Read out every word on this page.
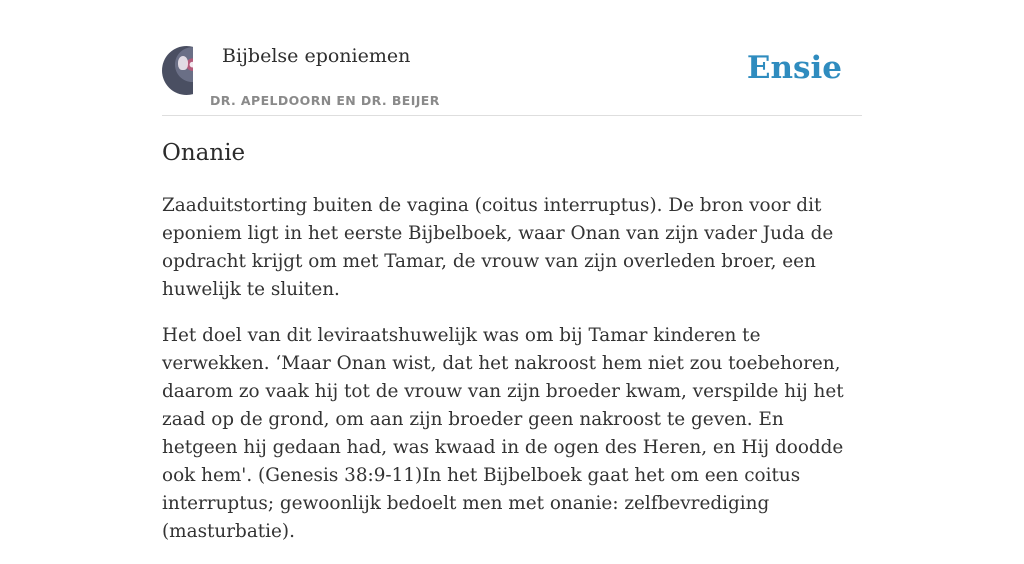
Bijbelse eponiemen
DR. APELDOORN EN DR. BEIJER
Ensie
Onanie

Zaaduitstorting buiten de vagina (coitus interruptus). De bron voor dit eponiem ligt in het eerste Bijbelboek, waar Onan van zijn vader Juda de opdracht krijgt om met Tamar, de vrouw van zijn overleden broer, een huwelijk te sluiten.

Het doel van dit leviraatshuwelijk was om bij Tamar kinderen te verwekken. ‘Maar Onan wist, dat het nakroost hem niet zou toebehoren, daarom zo vaak hij tot de vrouw van zijn broeder kwam, verspilde hij het zaad op de grond, om aan zijn broeder geen nakroost te geven. En hetgeen hij gedaan had, was kwaad in de ogen des Heren, en Hij doodde ook hem'. (Genesis 38:9-11)In het Bijbelboek gaat het om een coitus interruptus; gewoonlijk bedoelt men met onanie: zelfbevrediging (masturbatie).
